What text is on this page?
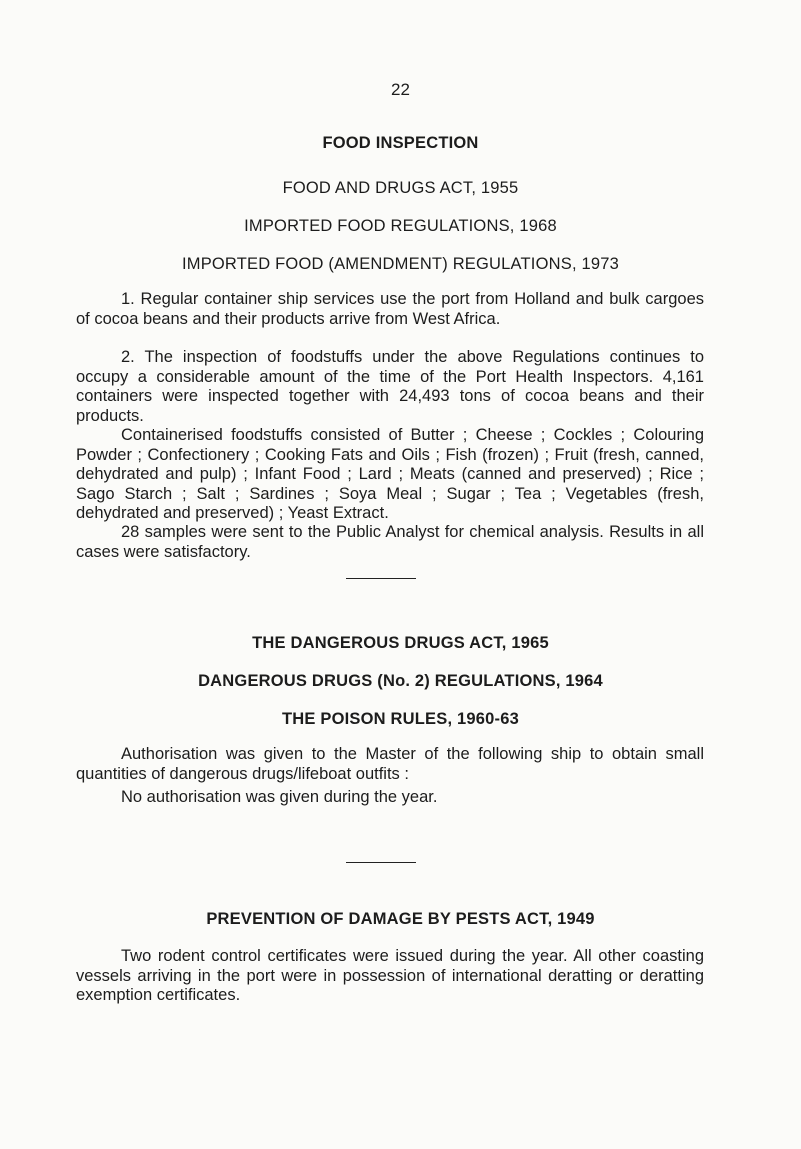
22
FOOD INSPECTION
FOOD AND DRUGS ACT, 1955
IMPORTED FOOD REGULATIONS, 1968
IMPORTED FOOD (AMENDMENT) REGULATIONS, 1973

1. Regular container ship services use the port from Holland and bulk cargoes of cocoa beans and their products arrive from West Africa.

2. The inspection of foodstuffs under the above Regulations continues to occupy a considerable amount of the time of the Port Health Inspectors. 4,161 containers were inspected together with 24,493 tons of cocoa beans and their products.

Containerised foodstuffs consisted of Butter ; Cheese ; Cockles ; Colouring Powder ; Confectionery ; Cooking Fats and Oils ; Fish (frozen) ; Fruit (fresh, canned, dehydrated and pulp) ; Infant Food ; Lard ; Meats (canned and preserved) ; Rice ; Sago Starch ; Salt ; Sardines ; Soya Meal ; Sugar ; Tea ; Vegetables (fresh, dehydrated and preserved) ; Yeast Extract.

28 samples were sent to the Public Analyst for chemical analysis. Results in all cases were satisfactory.

THE DANGEROUS DRUGS ACT, 1965
DANGEROUS DRUGS (No. 2) REGULATIONS, 1964
THE POISON RULES, 1960-63

Authorisation was given to the Master of the following ship to obtain small quantities of dangerous drugs/lifeboat outfits :

No authorisation was given during the year.

PREVENTION OF DAMAGE BY PESTS ACT, 1949

Two rodent control certificates were issued during the year. All other coasting vessels arriving in the port were in possession of international deratting or deratting exemption certificates.
